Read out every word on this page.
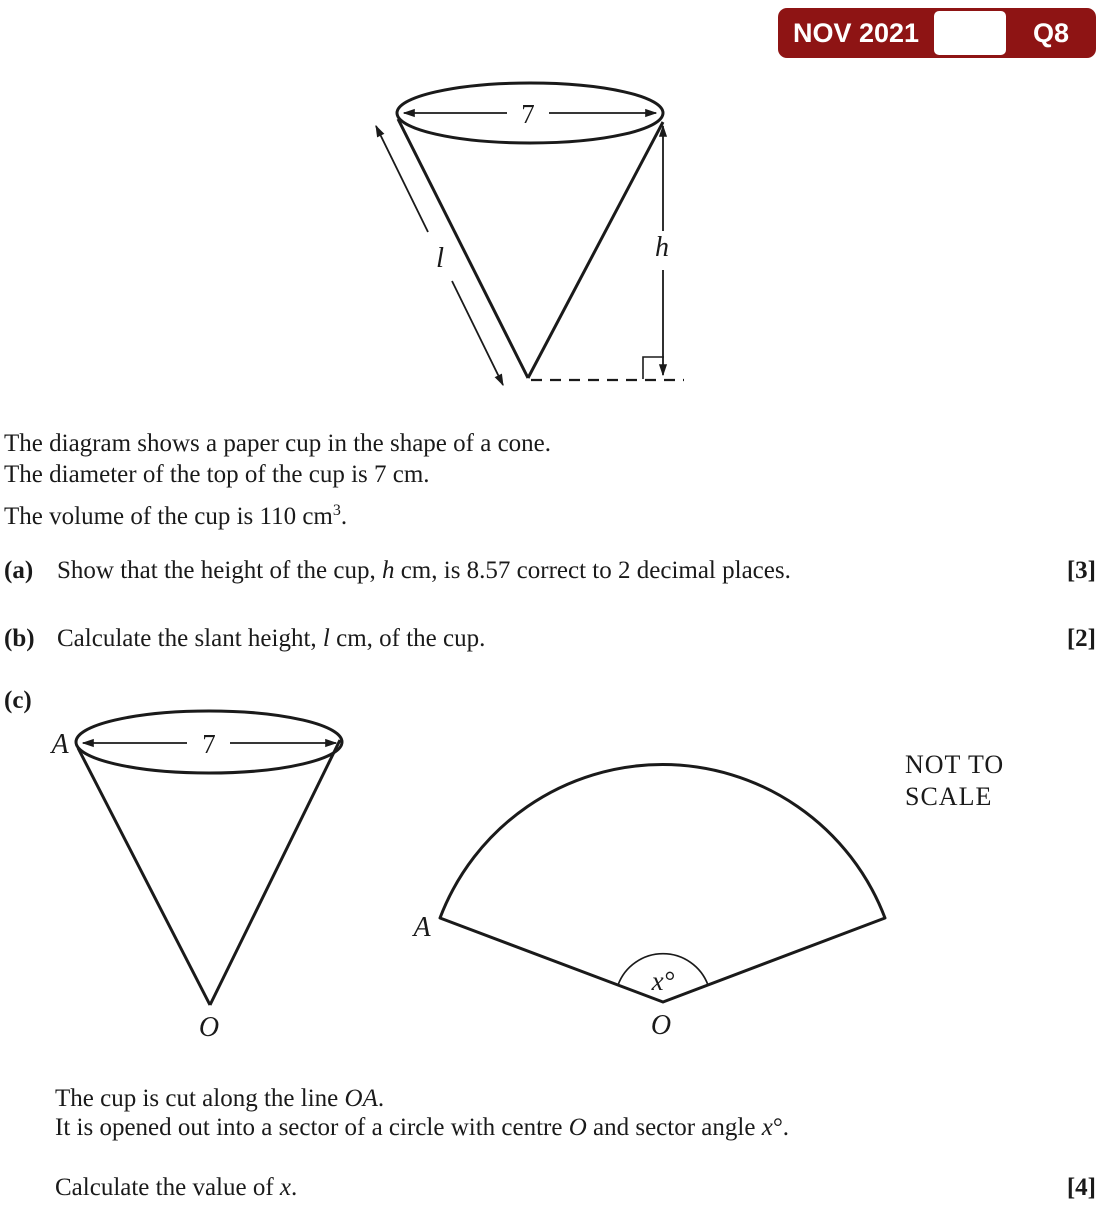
NOV 2021 P22	Q8
7
l	h
7
A
O
x°
A
O
The diagram shows a paper cup in the shape of a cone.
The diameter of the top of the cup is 7 cm.
The volume of the cup is 110 $cm^3$.
(a) Show that the height of the cup, h cm, is 8.57 correct to 2 decimal places.	[3]
(b) Calculate the slant height, l cm, of the cup.	[2]
(c)
NOT TO
SCALE
The cup is cut along the line OA.
It is opened out into a sector of a circle with centre O and sector angle x°.
Calculate the value of x.	[4]
